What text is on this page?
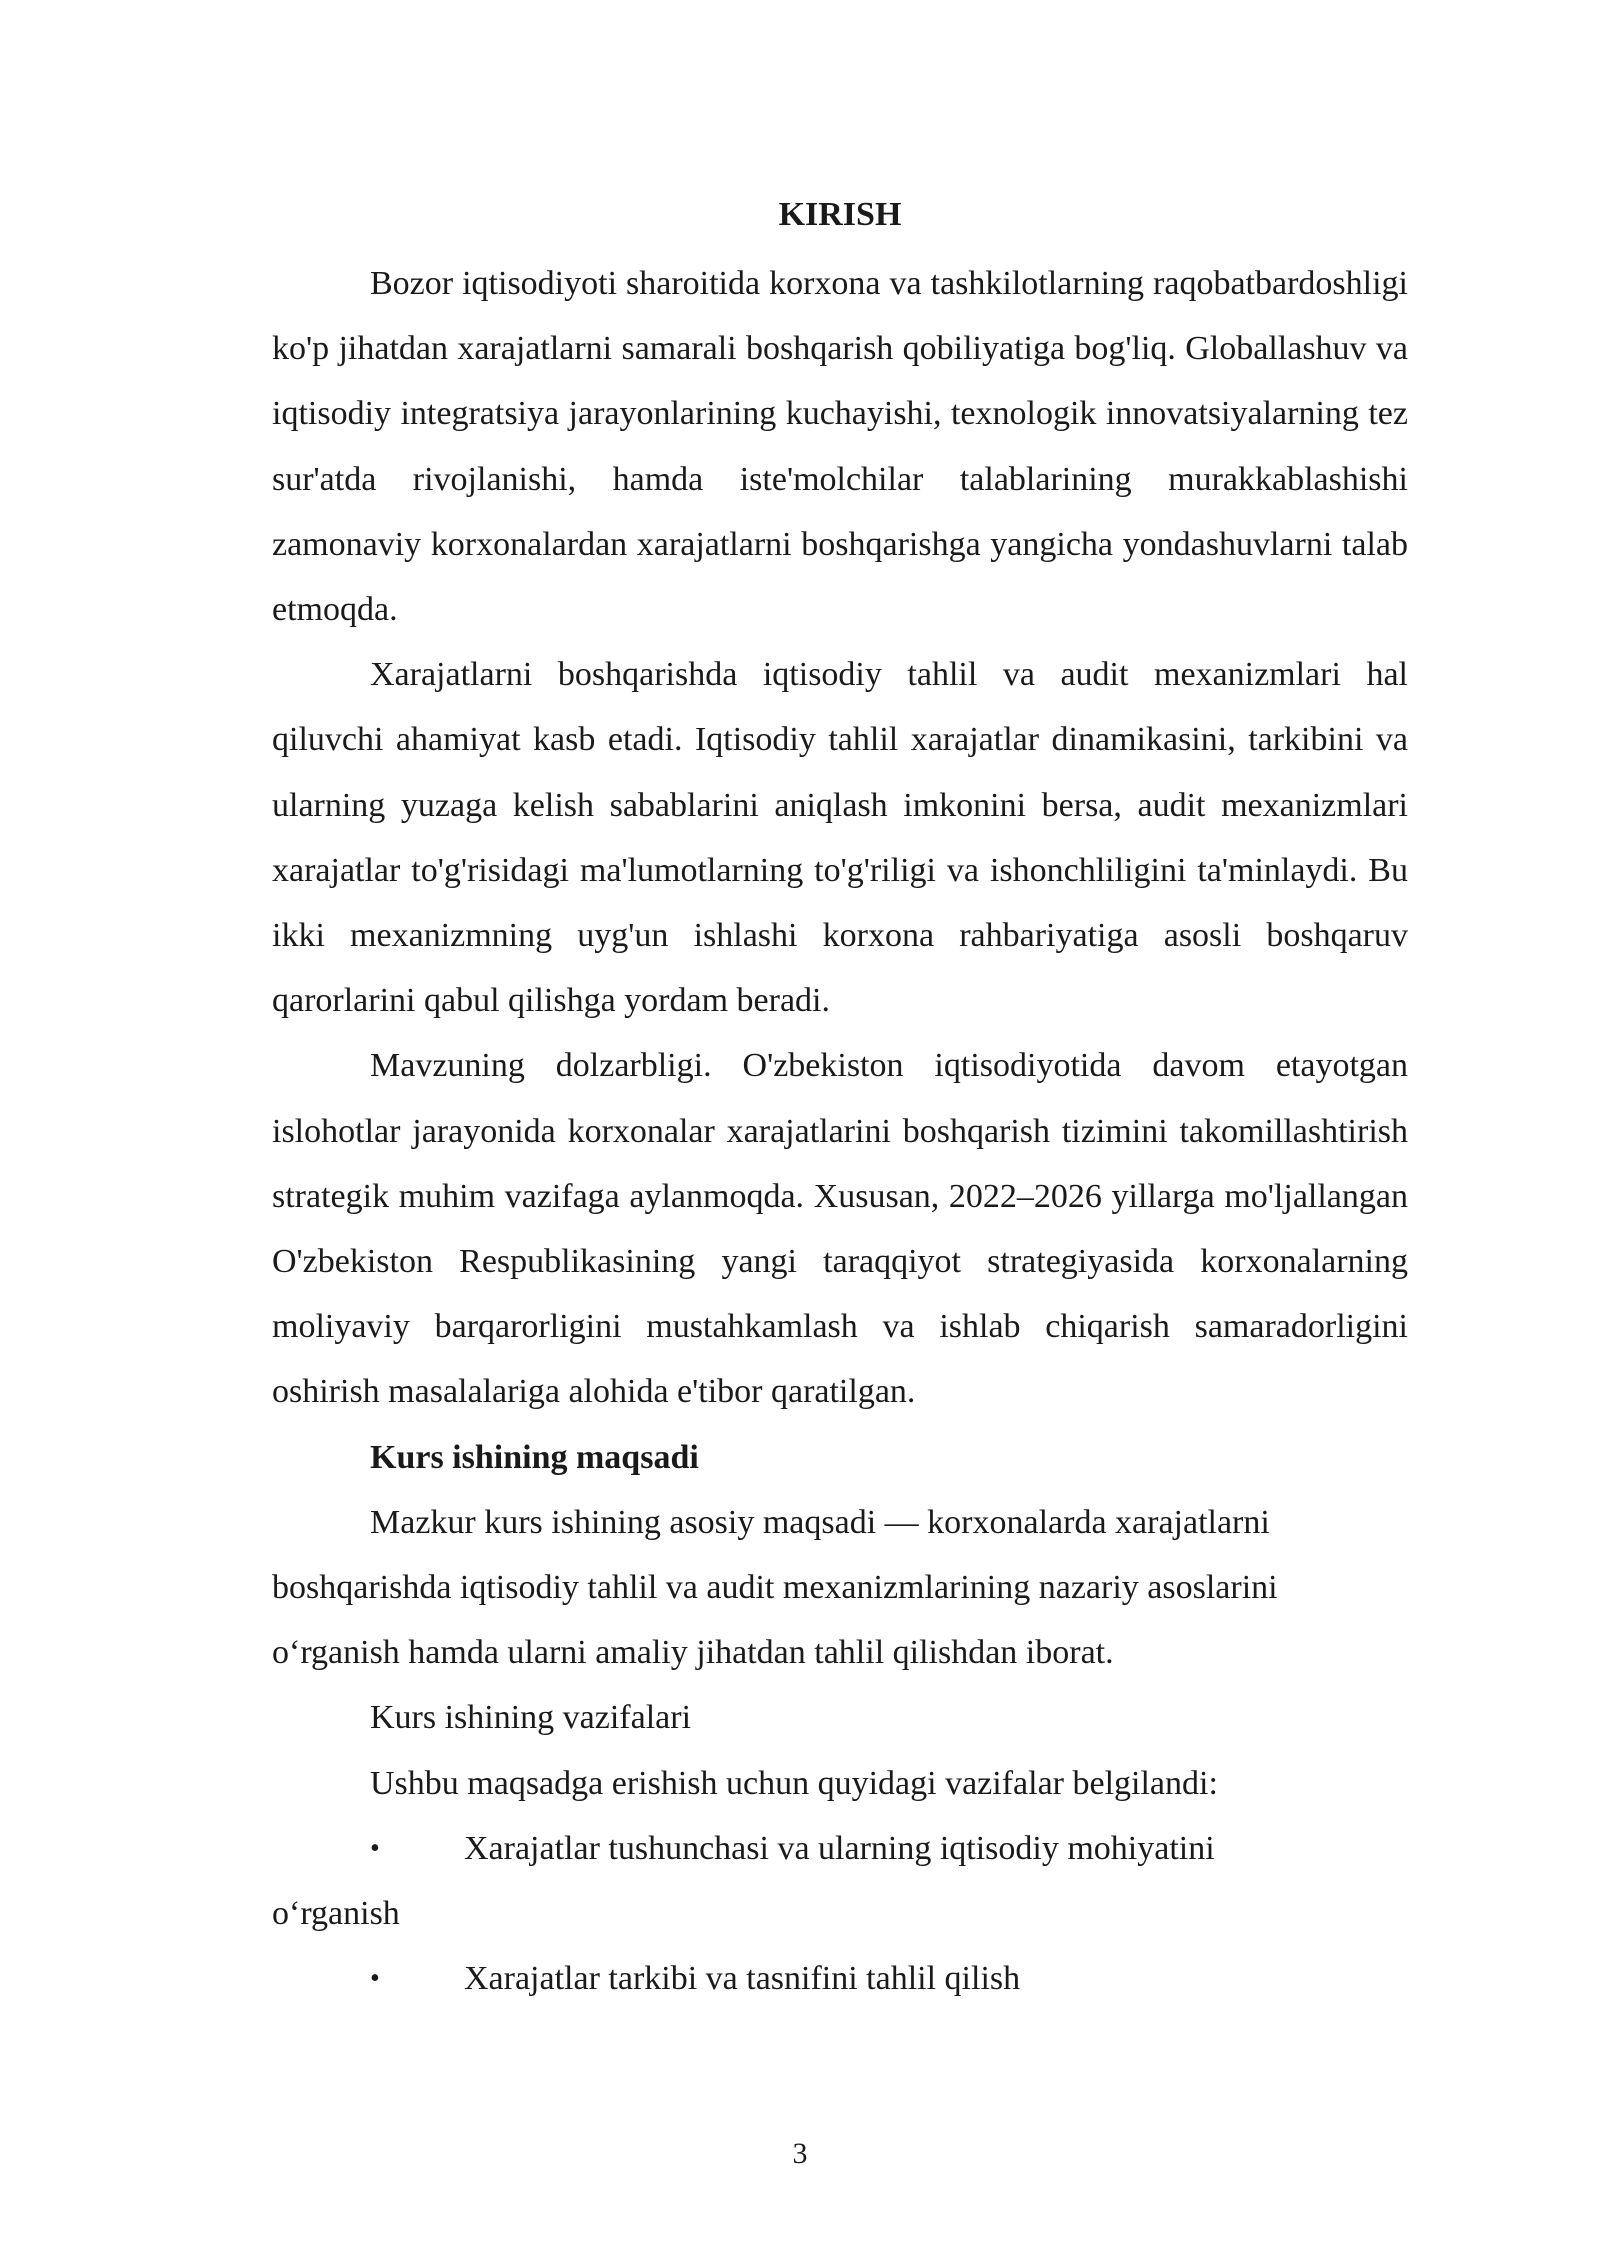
KIRISH

Bozor iqtisodiyoti sharoitida korxona va tashkilotlarning raqobatbardoshligi ko'p jihatdan xarajatlarni samarali boshqarish qobiliyatiga bog'liq. Globallashuv va iqtisodiy integratsiya jarayonlarining kuchayishi, texnologik innovatsiyalarning tez sur'atda rivojlanishi, hamda iste'molchilar talablarining murakkablashishi zamonaviy korxonalardan xarajatlarni boshqarishga yangicha yondashuvlarni talab etmoqda.

Xarajatlarni boshqarishda iqtisodiy tahlil va audit mexanizmlari hal qiluvchi ahamiyat kasb etadi. Iqtisodiy tahlil xarajatlar dinamikasini, tarkibini va ularning yuzaga kelish sabablarini aniqlash imkonini bersa, audit mexanizmlari xarajatlar to'g'risidagi ma'lumotlarning to'g'riligi va ishonchliligini ta'minlaydi. Bu ikki mexanizmning uyg'un ishlashi korxona rahbariyatiga asosli boshqaruv qarorlarini qabul qilishga yordam beradi.

Mavzuning dolzarbligi. O'zbekiston iqtisodiyotida davom etayotgan islohotlar jarayonida korxonalar xarajatlarini boshqarish tizimini takomillashtirish strategik muhim vazifaga aylanmoqda. Xususan, 2022–2026 yillarga mo'ljallangan O'zbekiston Respublikasining yangi taraqqiyot strategiyasida korxonalarning moliyaviy barqarorligini mustahkamlash va ishlab chiqarish samaradorligini oshirish masalalariga alohida e'tibor qaratilgan.

Kurs ishining maqsadi

Mazkur kurs ishining asosiy maqsadi — korxonalarda xarajatlarni boshqarishda iqtisodiy tahlil va audit mexanizmlarining nazariy asoslarini o‘rganish hamda ularni amaliy jihatdan tahlil qilishdan iborat.

Kurs ishining vazifalari

Ushbu maqsadga erishish uchun quyidagi vazifalar belgilandi:

•	Xarajatlar tushunchasi va ularning iqtisodiy mohiyatini
o‘rganish
•	Xarajatlar tarkibi va tasnifini tahlil qilish
3
